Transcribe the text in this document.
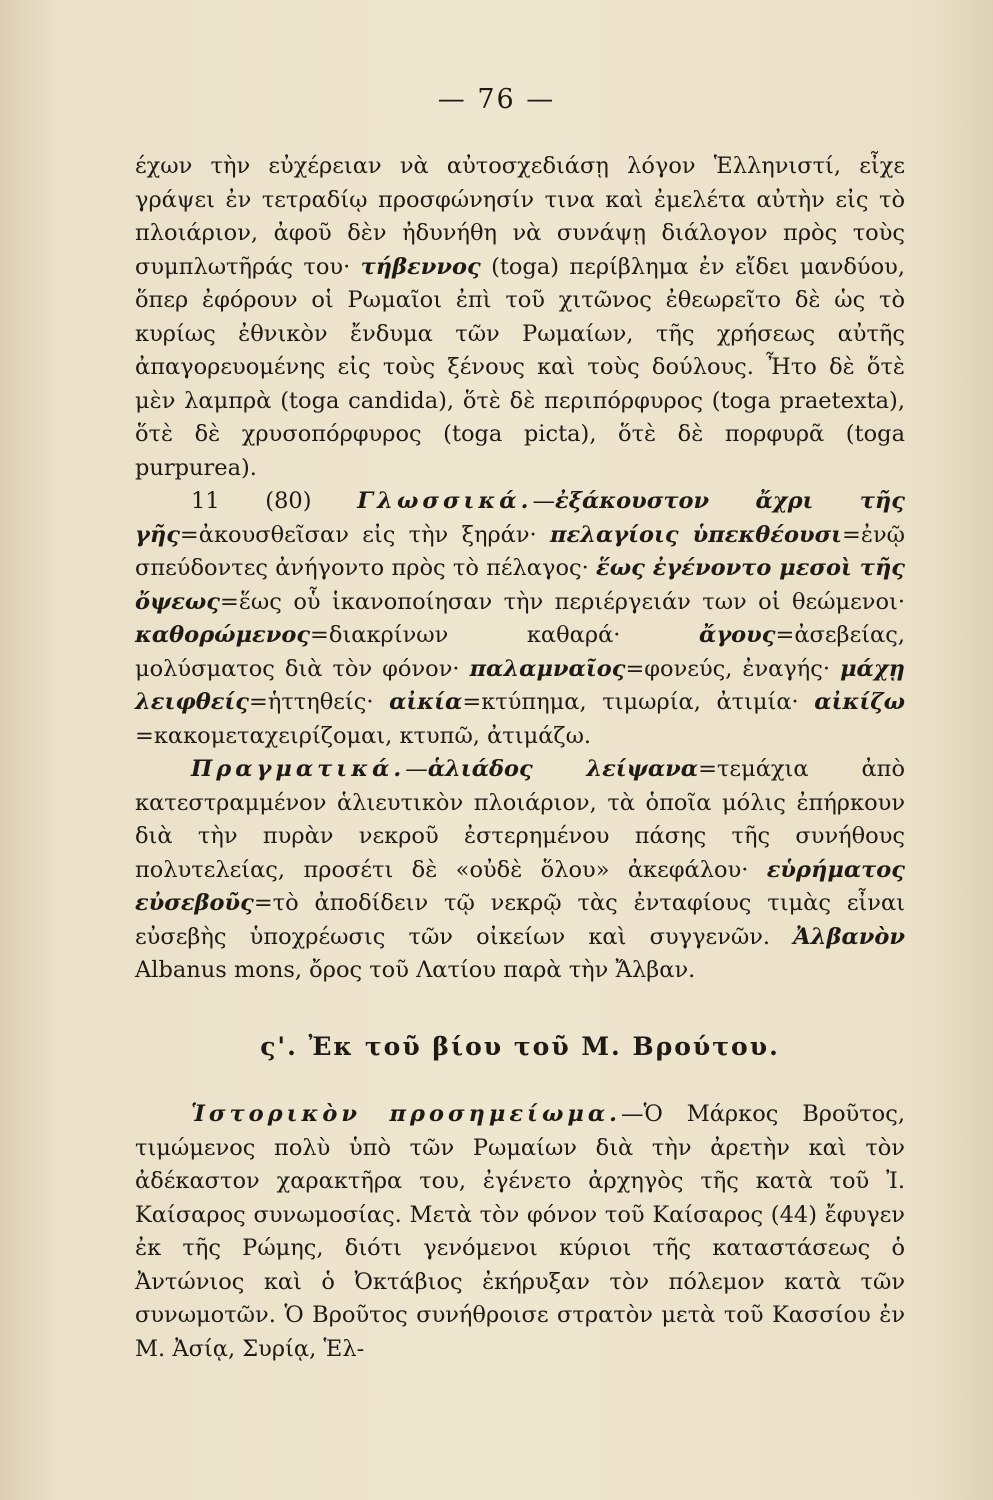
— 76 —

έχων τὴν εὐχέρειαν νὰ αὐτοσχεδιάσῃ λόγον Ἑλληνιστί, εἶχε γράψει ἐν τετραδίῳ προσφώνησίν τινα καὶ ἐμελέτα αὐτὴν εἰς τὸ πλοιάριον, ἀφοῦ δὲν ἠδυνήθη νὰ συνάψῃ διάλογον πρὸς τοὺς συμπλωτῆράς του· τήβεννος (toga) περίβλημα ἐν εἴδει μανδύου, ὅπερ ἐφόρουν οἱ Ρωμαῖοι ἐπὶ τοῦ χιτῶνος ἐθεωρεῖτο δὲ ὡς τὸ κυρίως ἐθνικὸν ἔνδυμα τῶν Ρωμαίων, τῆς χρήσεως αὐτῆς ἀπαγορευομένης εἰς τοὺς ξένους καὶ τοὺς δούλους. Ἦτο δὲ ὅτὲ μὲν λαμπρὰ (toga candida), ὅτὲ δὲ περιπόρφυρος (toga praetexta), ὅτὲ δὲ χρυσοπόρφυρος (toga picta), ὅτὲ δὲ πορφυρᾶ (toga purpurea).

11 (80) Γλωσσικά.—ἐξάκουστον ἄχρι τῆς γῆς=ἀκουσθεῖσαν εἰς τὴν ξηράν· πελαγίοις ὑπεκθέουσι=ἐνῷ σπεύδοντες ἀνήγοντο πρὸς τὸ πέλαγος· ἕως ἐγένοντο μεσοὶ τῆς ὄψεως=ἕως οὗ ἱκανοποίησαν τὴν περιέργειάν των οἱ θεώμενοι· καθορώμενος=διακρίνων καθαρά·	ἄγους=ἀσεβείας, μολύσματος διὰ τὸν φόνον· παλαμναῖος=φονεύς, ἐναγής· μάχῃ λειφθείς=ἡττηθείς· αἰκία=κτύπημα, τιμωρία, ἀτιμία· αἰκίζω =κακομεταχειρίζομαι, κτυπῶ, ἀτιμάζω.

Πραγματικά.—ἁλιάδος λείψανα=τεμάχια ἀπὸ κατεστραμμένον ἁλιευτικὸν πλοιάριον, τὰ ὁποῖα μόλις ἐπήρκουν διὰ τὴν πυρὰν νεκροῦ ἐστερημένου πάσης τῆς συνήθους πολυτελείας, προσέτι δὲ «οὐδὲ ὅλου» ἀκεφάλου· εὑρήματος εὐσεβοῦς=τὸ ἀποδίδειν τῷ νεκρῷ τὰς ἐνταφίους τιμὰς εἶναι εὐσεβὴς ὑποχρέωσις τῶν οἰκείων καὶ συγγενῶν. Ἀλβανὸν Albanus mons, ὄρος τοῦ Λατίου παρὰ τὴν Ἄλβαν.

ς'. Ἐκ τοῦ βίου τοῦ Μ. Βρούτου.

Ἱστορικὸν προσημείωμα.—Ὁ Μάρκος Βροῦτος, τιμώμενος πολὺ ὑπὸ τῶν Ρωμαίων διὰ τὴν ἀρετὴν καὶ τὸν ἀδέκαστον χαρακτῆρα του, ἐγένετο ἀρχηγὸς τῆς κατὰ τοῦ Ἰ. Καίσαρος συνωμοσίας. Μετὰ τὸν φόνον τοῦ Καίσαρος (44) ἔφυγεν ἐκ τῆς Ρώμης, διότι γενόμενοι κύριοι τῆς καταστάσεως ὁ Ἀντώνιος καὶ ὁ Ὀκτάβιος ἐκήρυξαν τὸν πόλεμον κατὰ τῶν συνωμοτῶν. Ὁ Βροῦτος συνήθροισε στρατὸν μετὰ τοῦ Κασσίου ἐν Μ. Ἀσίᾳ, Συρίᾳ, Ἑλ-
